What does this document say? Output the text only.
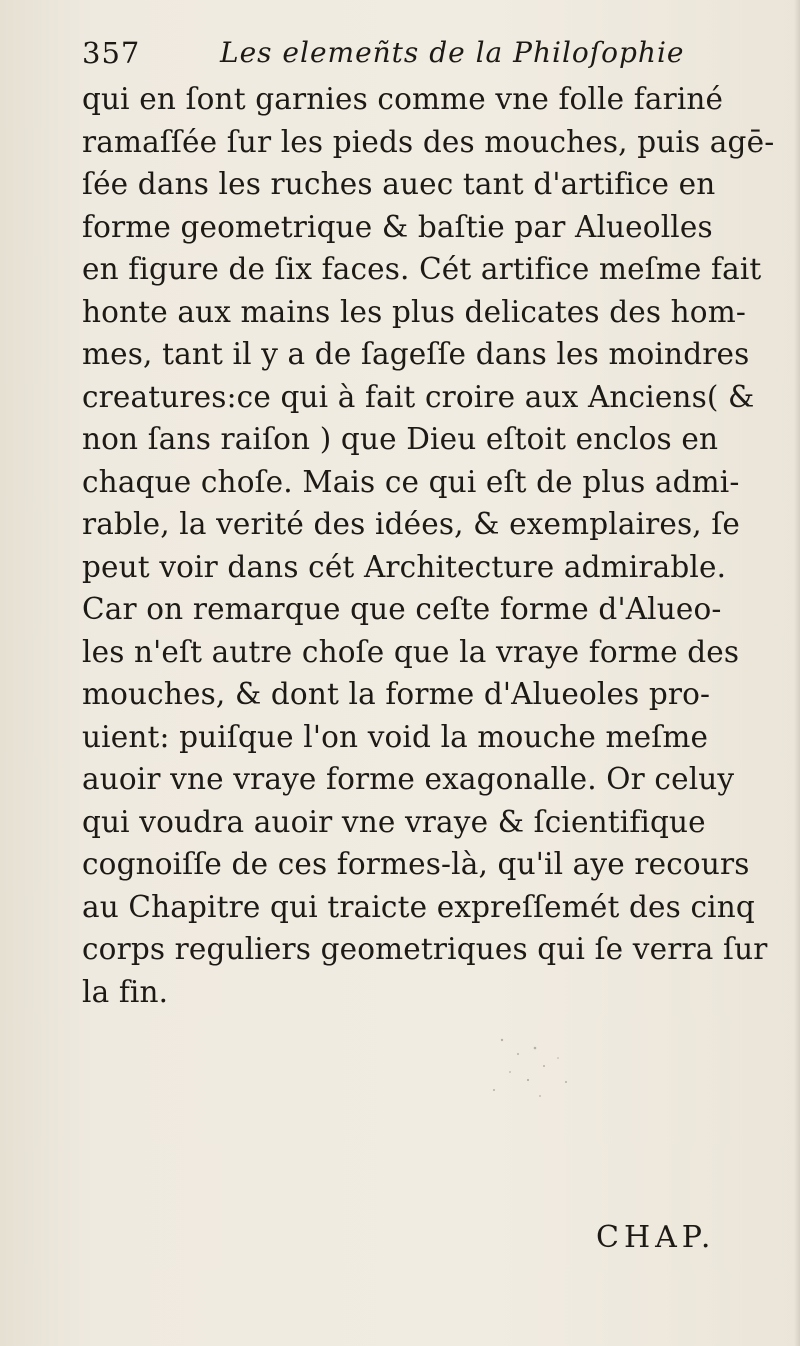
357	Les elemeñts de la Philoſophie
qui en ſont garnies comme vne folle fariné
ramaſſée ſur les pieds des mouches, puis agē-
ſée dans les ruches auec tant d'artifice en
forme geometrique & baſtie par Alueolles
en figure de ſix faces. Cét artifice meſme fait
honte aux mains les plus delicates des hom-
mes, tant il y a de ſageſſe dans les moindres
creatures:ce qui à fait croire aux Anciens( &
non ſans raiſon ) que Dieu eſtoit enclos en
chaque choſe. Mais ce qui eſt de plus admi-
rable, la verité des idées, & exemplaires, ſe
peut voir dans cét Architecture admirable.
Car on remarque que ceſte forme d'Alueo-
les n'eſt autre choſe que la vraye forme des
mouches, & dont la forme d'Alueoles pro-
uient: puiſque l'on void la mouche meſme
auoir vne vraye forme exagonalle. Or celuy
qui voudra auoir vne vraye & ſcientifique
cognoiſſe de ces formes-là, qu'il aye recours
au Chapitre qui traicte expreſſemét des cinq
corps reguliers geometriques qui ſe verra ſur
la fin.
CHAP.
